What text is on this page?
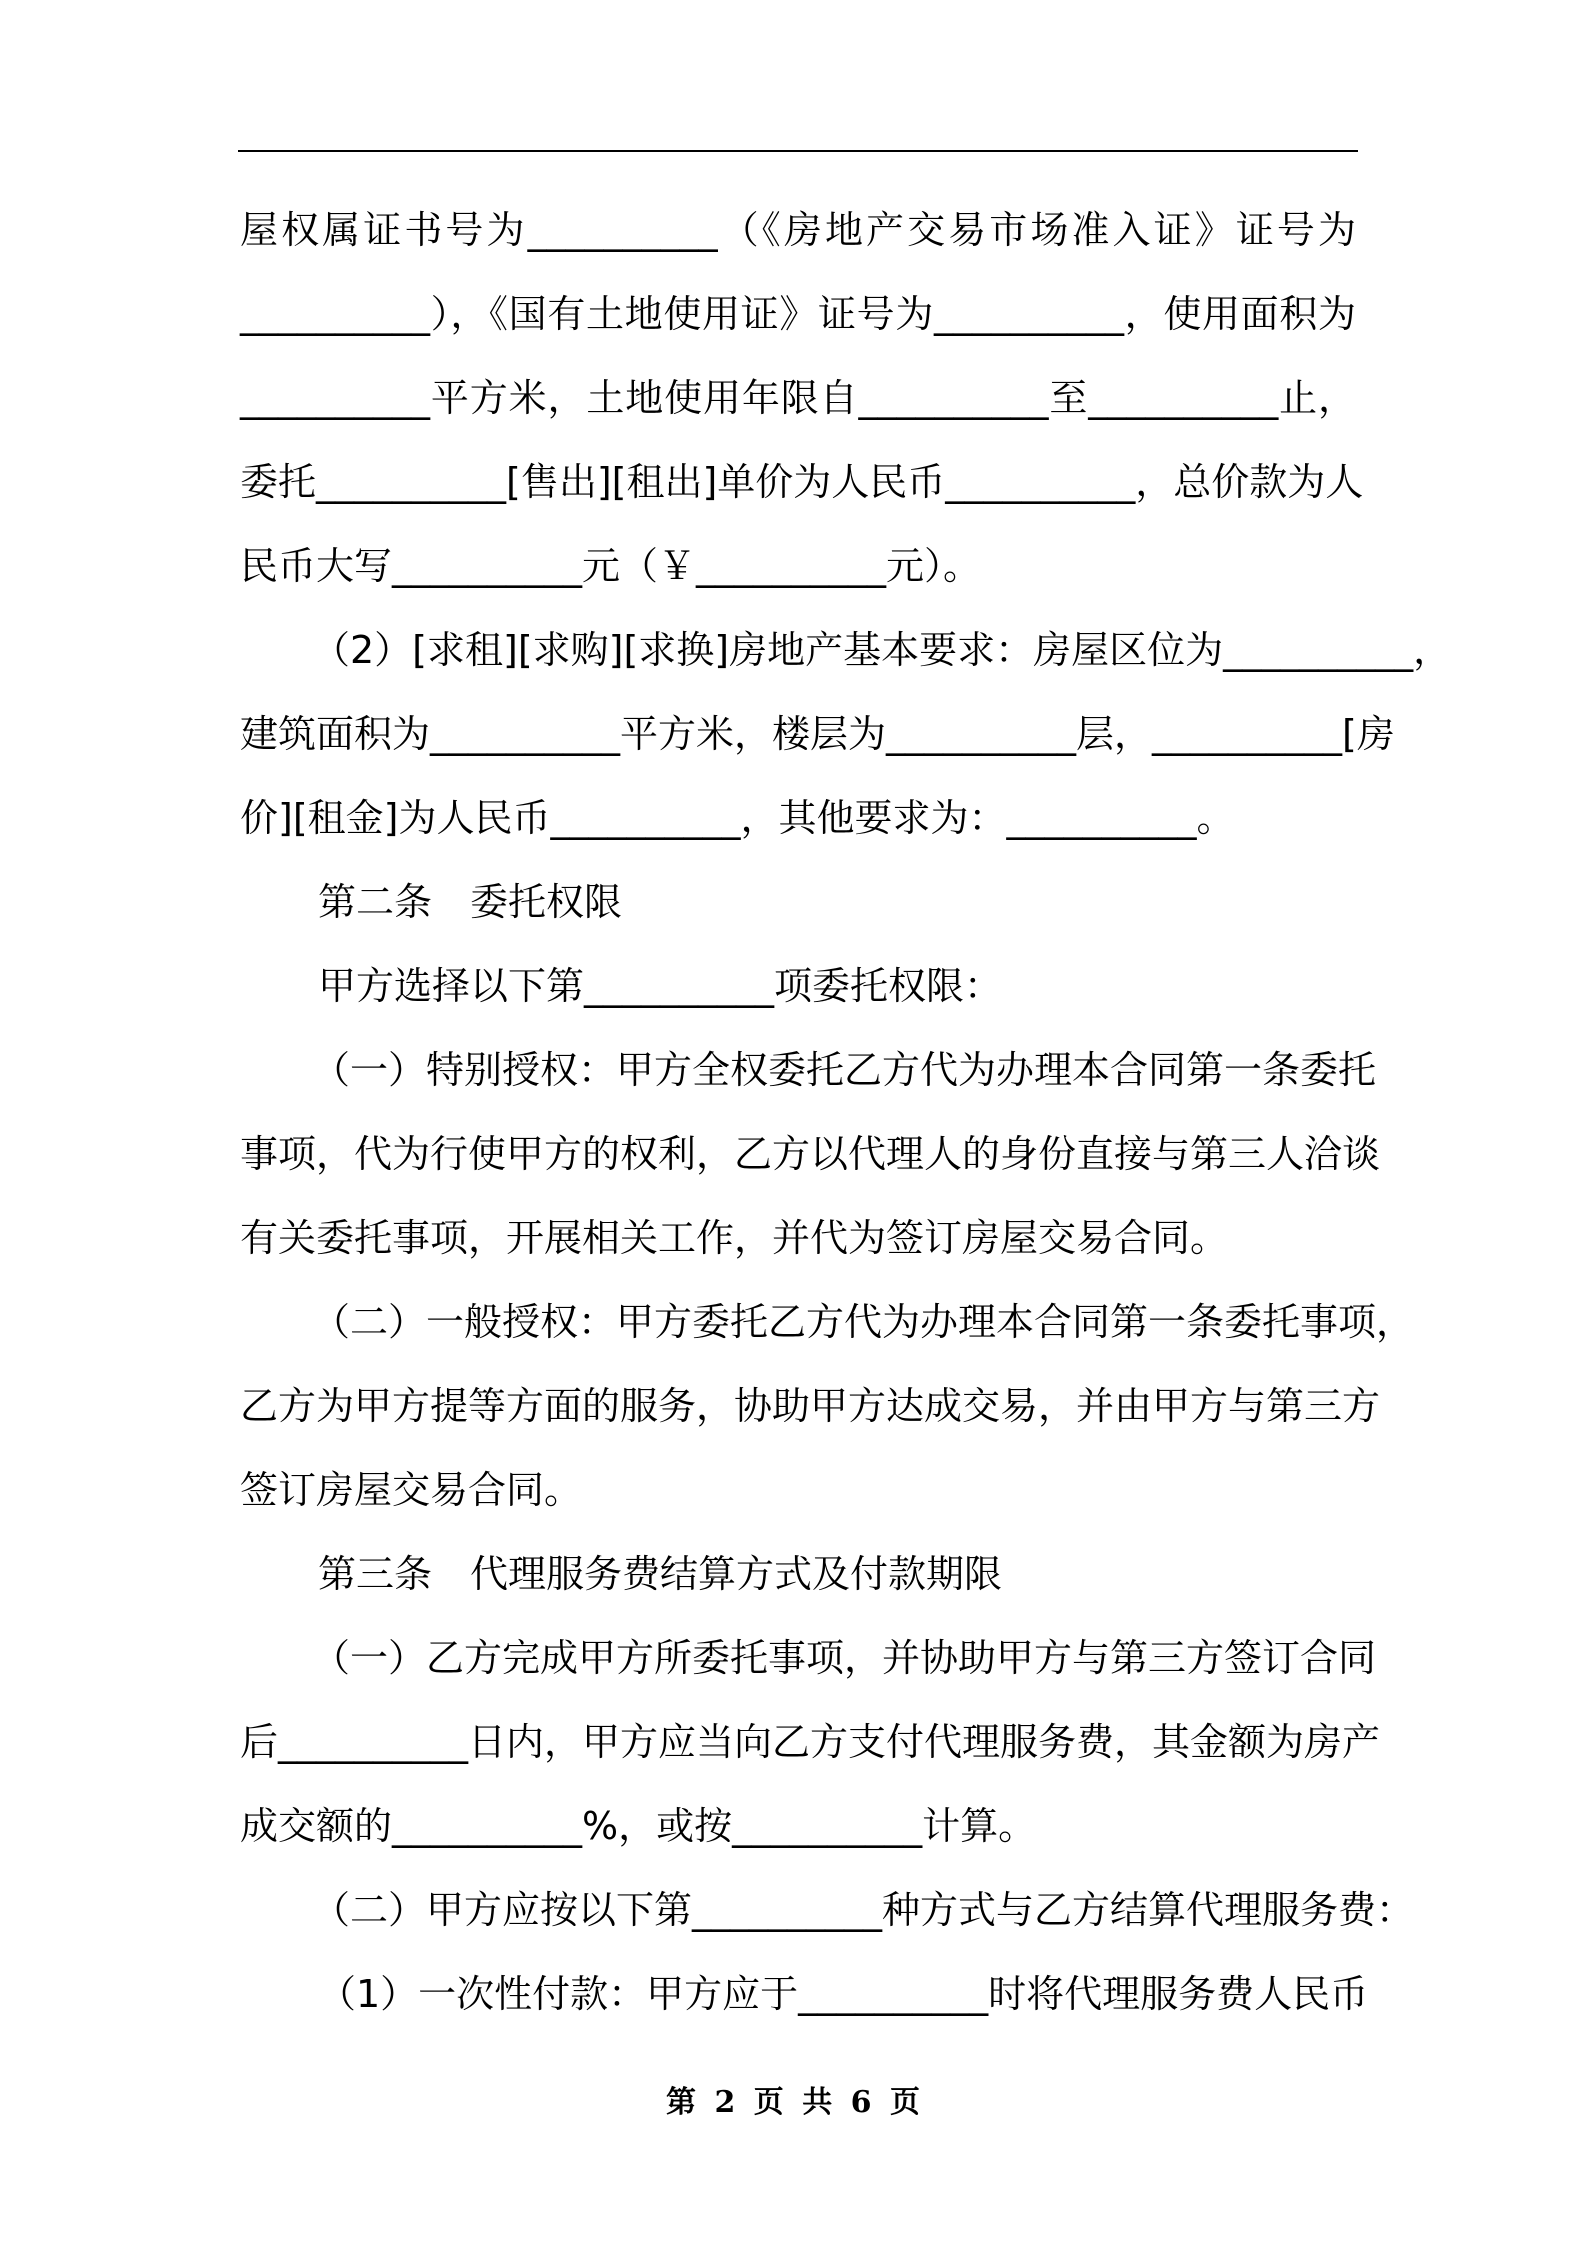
屋权属证书号为__________（《房地产交易市场准入证》证号为
__________），《国有土地使用证》证号为__________，使用面积为
__________平方米，土地使用年限自__________至__________止，
委托__________[售出][租出]单价为人民币__________，总价款为人
民币大写__________元（￥__________元）。
（2）[求租][求购][求换]房地产基本要求：房屋区位为__________，
建筑面积为__________平方米，楼层为__________层，__________[房
价][租金]为人民币__________，其他要求为：__________。
第二条　委托权限
甲方选择以下第__________项委托权限：
（一）特别授权：甲方全权委托乙方代为办理本合同第一条委托
事项，代为行使甲方的权利，乙方以代理人的身份直接与第三人洽谈
有关委托事项，开展相关工作，并代为签订房屋交易合同。
（二）一般授权：甲方委托乙方代为办理本合同第一条委托事项，
乙方为甲方提等方面的服务，协助甲方达成交易，并由甲方与第三方
签订房屋交易合同。
第三条　代理服务费结算方式及付款期限
（一）乙方完成甲方所委托事项，并协助甲方与第三方签订合同
后__________日内，甲方应当向乙方支付代理服务费，其金额为房产
成交额的__________%，或按__________计算。
（二）甲方应按以下第__________种方式与乙方结算代理服务费：
（1）一次性付款：甲方应于__________时将代理服务费人民币
第 2 页 共 6 页
